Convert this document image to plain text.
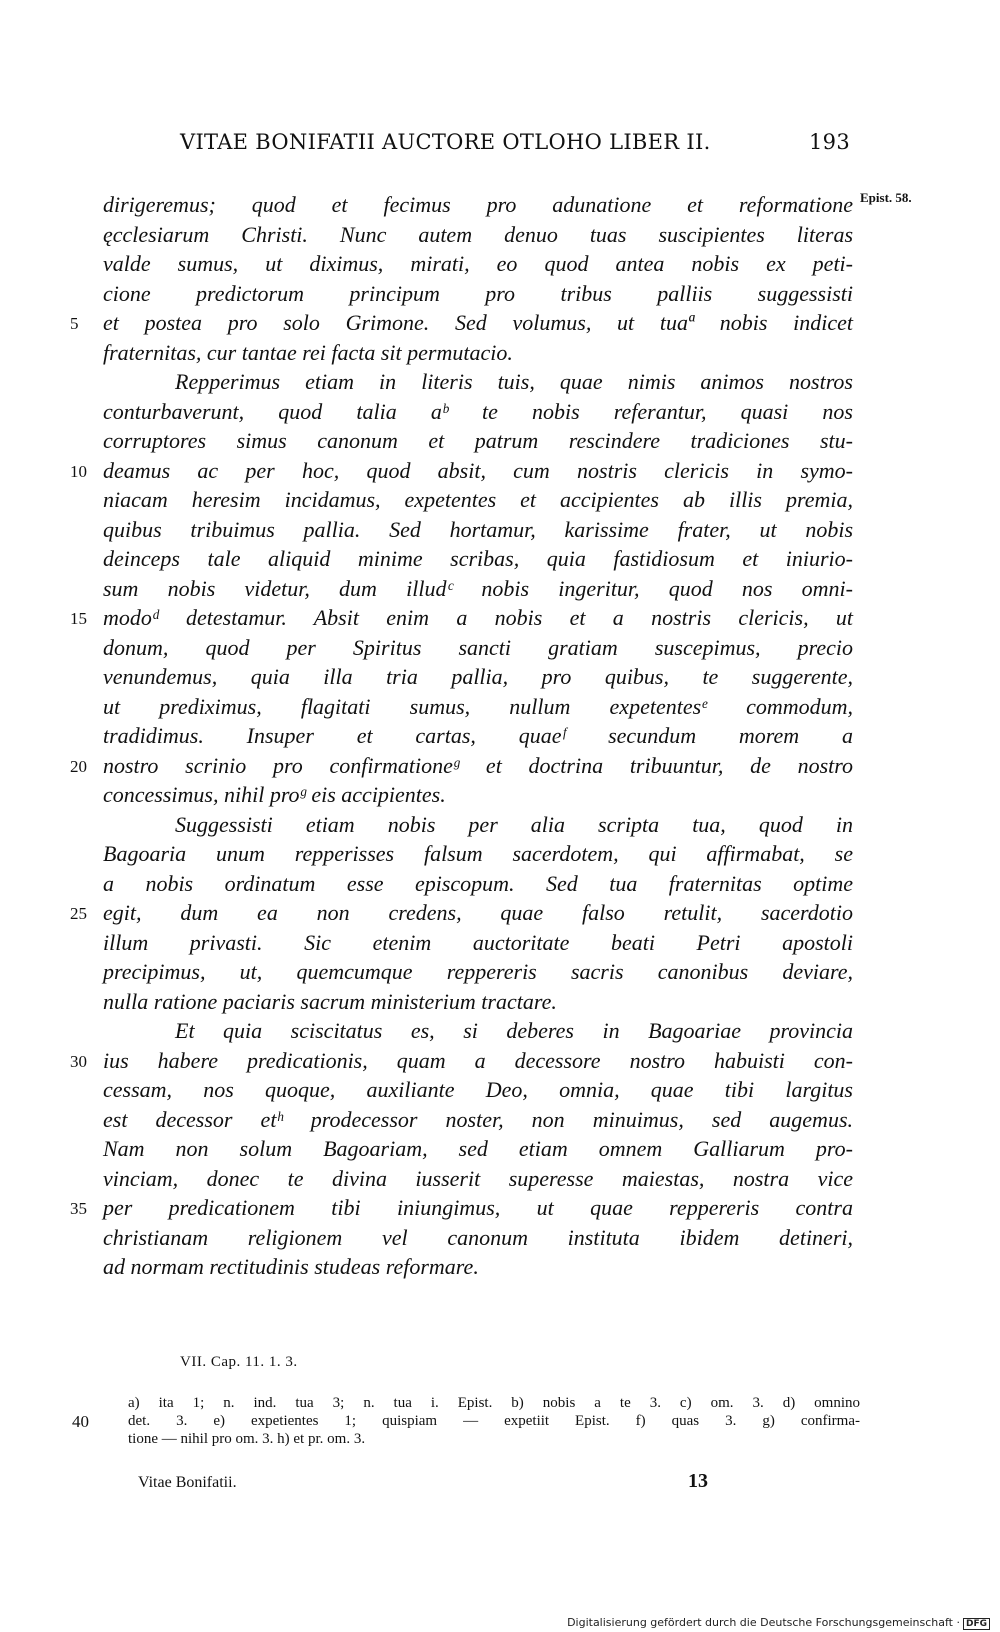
VITAE BONIFATII AUCTORE OTLOHO LIBER II.	193
Epist. 58.
dirigeremus; quod et fecimus pro adunatione et reformatione
ęcclesiarum Christi. Nunc autem denuo tuas suscipientes literas
valde sumus, ut diximus, mirati, eo quod antea nobis ex peti-
cione predictorum principum pro tribus palliis suggessisti
5	et postea pro solo Grimone. Sed volumus, ut tuaª nobis indicet
fraternitas, cur tantae rei facta sit permutacio.
Repperimus etiam in literis tuis, quae nimis animos nostros
conturbaverunt, quod talia aᵇ te nobis referantur, quasi nos
corruptores simus canonum et patrum rescindere tradiciones stu-
10 deamus ac per hoc, quod absit, cum nostris clericis in symo-
niacam heresim incidamus, expetentes et accipientes ab illis premia,
quibus tribuimus pallia. Sed hortamur, karissime frater, ut nobis
deinceps tale aliquid minime scribas, quia fastidiosum et iniurio-
sum nobis videtur, dum illudᶜ nobis ingeritur, quod nos omni-
15 modoᵈ detestamur. Absit enim a nobis et a nostris clericis, ut
donum, quod per Spiritus sancti gratiam suscepimus, precio
venundemus, quia illa tria pallia, pro quibus, te suggerente,
ut prediximus, flagitati sumus, nullum expetentesᵉ commodum,
tradidimus. Insuper et cartas, quaeᶠ secundum morem a
20 nostro scrinio pro confirmationeᵍ et doctrina tribuuntur, de nostro
concessimus, nihil proᵍ eis accipientes.
Suggessisti etiam nobis per alia scripta tua, quod in
Bagoaria unum repperisses falsum sacerdotem, qui affirmabat, se
a nobis ordinatum esse episcopum. Sed tua fraternitas optime
25 egit, dum ea non credens, quae falso retulit, sacerdotio
illum privasti. Sic etenim auctoritate beati Petri apostoli
precipimus, ut, quemcumque reppereris sacris canonibus deviare,
nulla ratione paciaris sacrum ministerium tractare.
Et quia sciscitatus es, si deberes in Bagoariae provincia
30 ius habere predicationis, quam a decessore nostro habuisti con-
cessam, nos quoque, auxiliante Deo, omnia, quae tibi largitus
est decessor etʰ prodecessor noster, non minuimus, sed augemus.
Nam non solum Bagoariam, sed etiam omnem Galliarum pro-
vinciam, donec te divina iusserit superesse maiestas, nostra vice
35 per predicationem tibi iniungimus, ut quae reppereris contra
christianam religionem vel canonum instituta ibidem detineri,
ad normam rectitudinis studeas reformare.
VII. Cap. 11. 1. 3.
a) ita 1; n. ind. tua 3; n. tua i. Epist. b) nobis a te 3. c) om. 3. d) omnino
40	det. 3. e) expetientes 1; quispiam — expetiit Epist. f) quas 3. g) confirma-
tione — nihil pro om. 3. h) et pr. om. 3.
Vitae Bonifatii.	13
Digitalisierung gefördert durch die Deutsche Forschungsgemeinschaft · DFG
